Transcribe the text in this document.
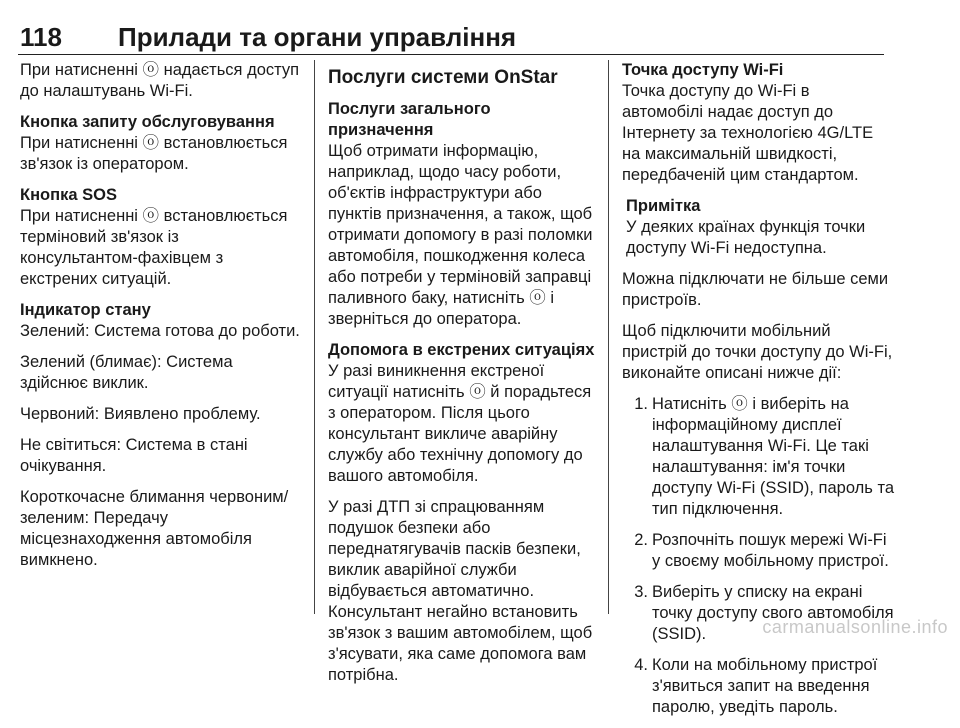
118 Прилади та органи управління

При натисненні ⓞ надається доступ до налаштувань Wi-Fi.

Кнопка запиту обслуговування

При натисненні ⓞ встановлюється зв'язок із оператором.

Кнопка SOS

При натисненні ⓞ встановлюється терміновий зв'язок із консультантом-фахівцем з екстрених ситуацій.

Індикатор стану

Зелений: Система готова до роботи.

Зелений (блимає): Система здійснює виклик.

Червоний: Виявлено проблему.

Не світиться: Система в стані очікування.

Короткочасне блимання червоним/зеленим: Передачу місцезнаходження автомобіля вимкнено.

Послуги системи OnStar

Послуги загального призначення

Щоб отримати інформацію, наприклад, щодо часу роботи, об'єктів інфраструктури або пунктів призначення, а також, щоб отримати допомогу в разі поломки автомобіля, пошкодження колеса або потреби у терміновій заправці паливного баку, натисніть ⓞ і зверніться до оператора.

Допомога в екстрених ситуаціях

У разі виникнення екстреної ситуації натисніть ⓞ й порадьтеся з оператором. Після цього консультант викличе аварійну службу або технічну допомогу до вашого автомобіля.

У разі ДТП зі спрацюванням подушок безпеки або переднатягувачів пасків безпеки, виклик аварійної служби відбувається автоматично. Консультант негайно встановить зв'язок з вашим автомобілем, щоб з'ясувати, яка саме допомога вам потрібна.

Точка доступу Wi-Fi

Точка доступу до Wi-Fi в автомобілі надає доступ до Інтернету за технологією 4G/LTE на максимальній швидкості, передбаченій цим стандартом.

Примітка
У деяких країнах функція точки доступу Wi-Fi недоступна.

Можна підключати не більше семи пристроїв.

Щоб підключити мобільний пристрій до точки доступу до Wi-Fi, виконайте описані нижче дії:

1. Натисніть ⓞ і виберіть на інформаційному дисплеї налаштування Wi-Fi. Це такі налаштування: ім'я точки доступу Wi-Fi (SSID), пароль та тип підключення.
2. Розпочніть пошук мережі Wi-Fi у своєму мобільному пристрої.
3. Виберіть у списку на екрані точку доступу свого автомобіля (SSID).
4. Коли на мобільному пристрої з'явиться запит на введення паролю, уведіть пароль.
carmanualsonline.info
